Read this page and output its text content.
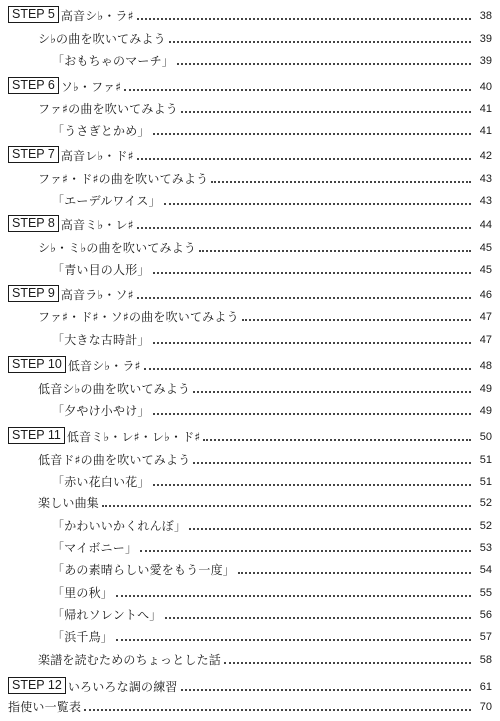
STEP 5 高音シ♭・ラ♯	38
シ♭の曲を吹いてみよう	39
「おもちゃのマーチ」	39
STEP 6 ソ♭・ファ♯	40
ファ♯の曲を吹いてみよう	41
「うさぎとかめ」	41
STEP 7 高音レ♭・ド♯	42
ファ♯・ド♯の曲を吹いてみよう	43
「エーデルワイス」	43
STEP 8 高音ミ♭・レ♯	44
シ♭・ミ♭の曲を吹いてみよう	45
「青い目の人形」	45
STEP 9 高音ラ♭・ソ♯	46
ファ♯・ド♯・ソ♯の曲を吹いてみよう	47
「大きな古時計」	47
STEP 10 低音シ♭・ラ♯	48
低音シ♭の曲を吹いてみよう	49
「夕やけ小やけ」	49
STEP 11 低音ミ♭・レ♯・レ♭・ド♯	50
低音ド♯の曲を吹いてみよう	51
「赤い花白い花」	51
楽しい曲集	52
「かわいいかくれんぼ」	52
「マイボニー」	53
「あの素晴らしい愛をもう一度」	54
「里の秋」	55
「帰れソレントへ」	56
「浜千鳥」	57
楽譜を読むためのちょっとした話	58
STEP 12 いろいろな調の練習	61
指使い一覧表	70
